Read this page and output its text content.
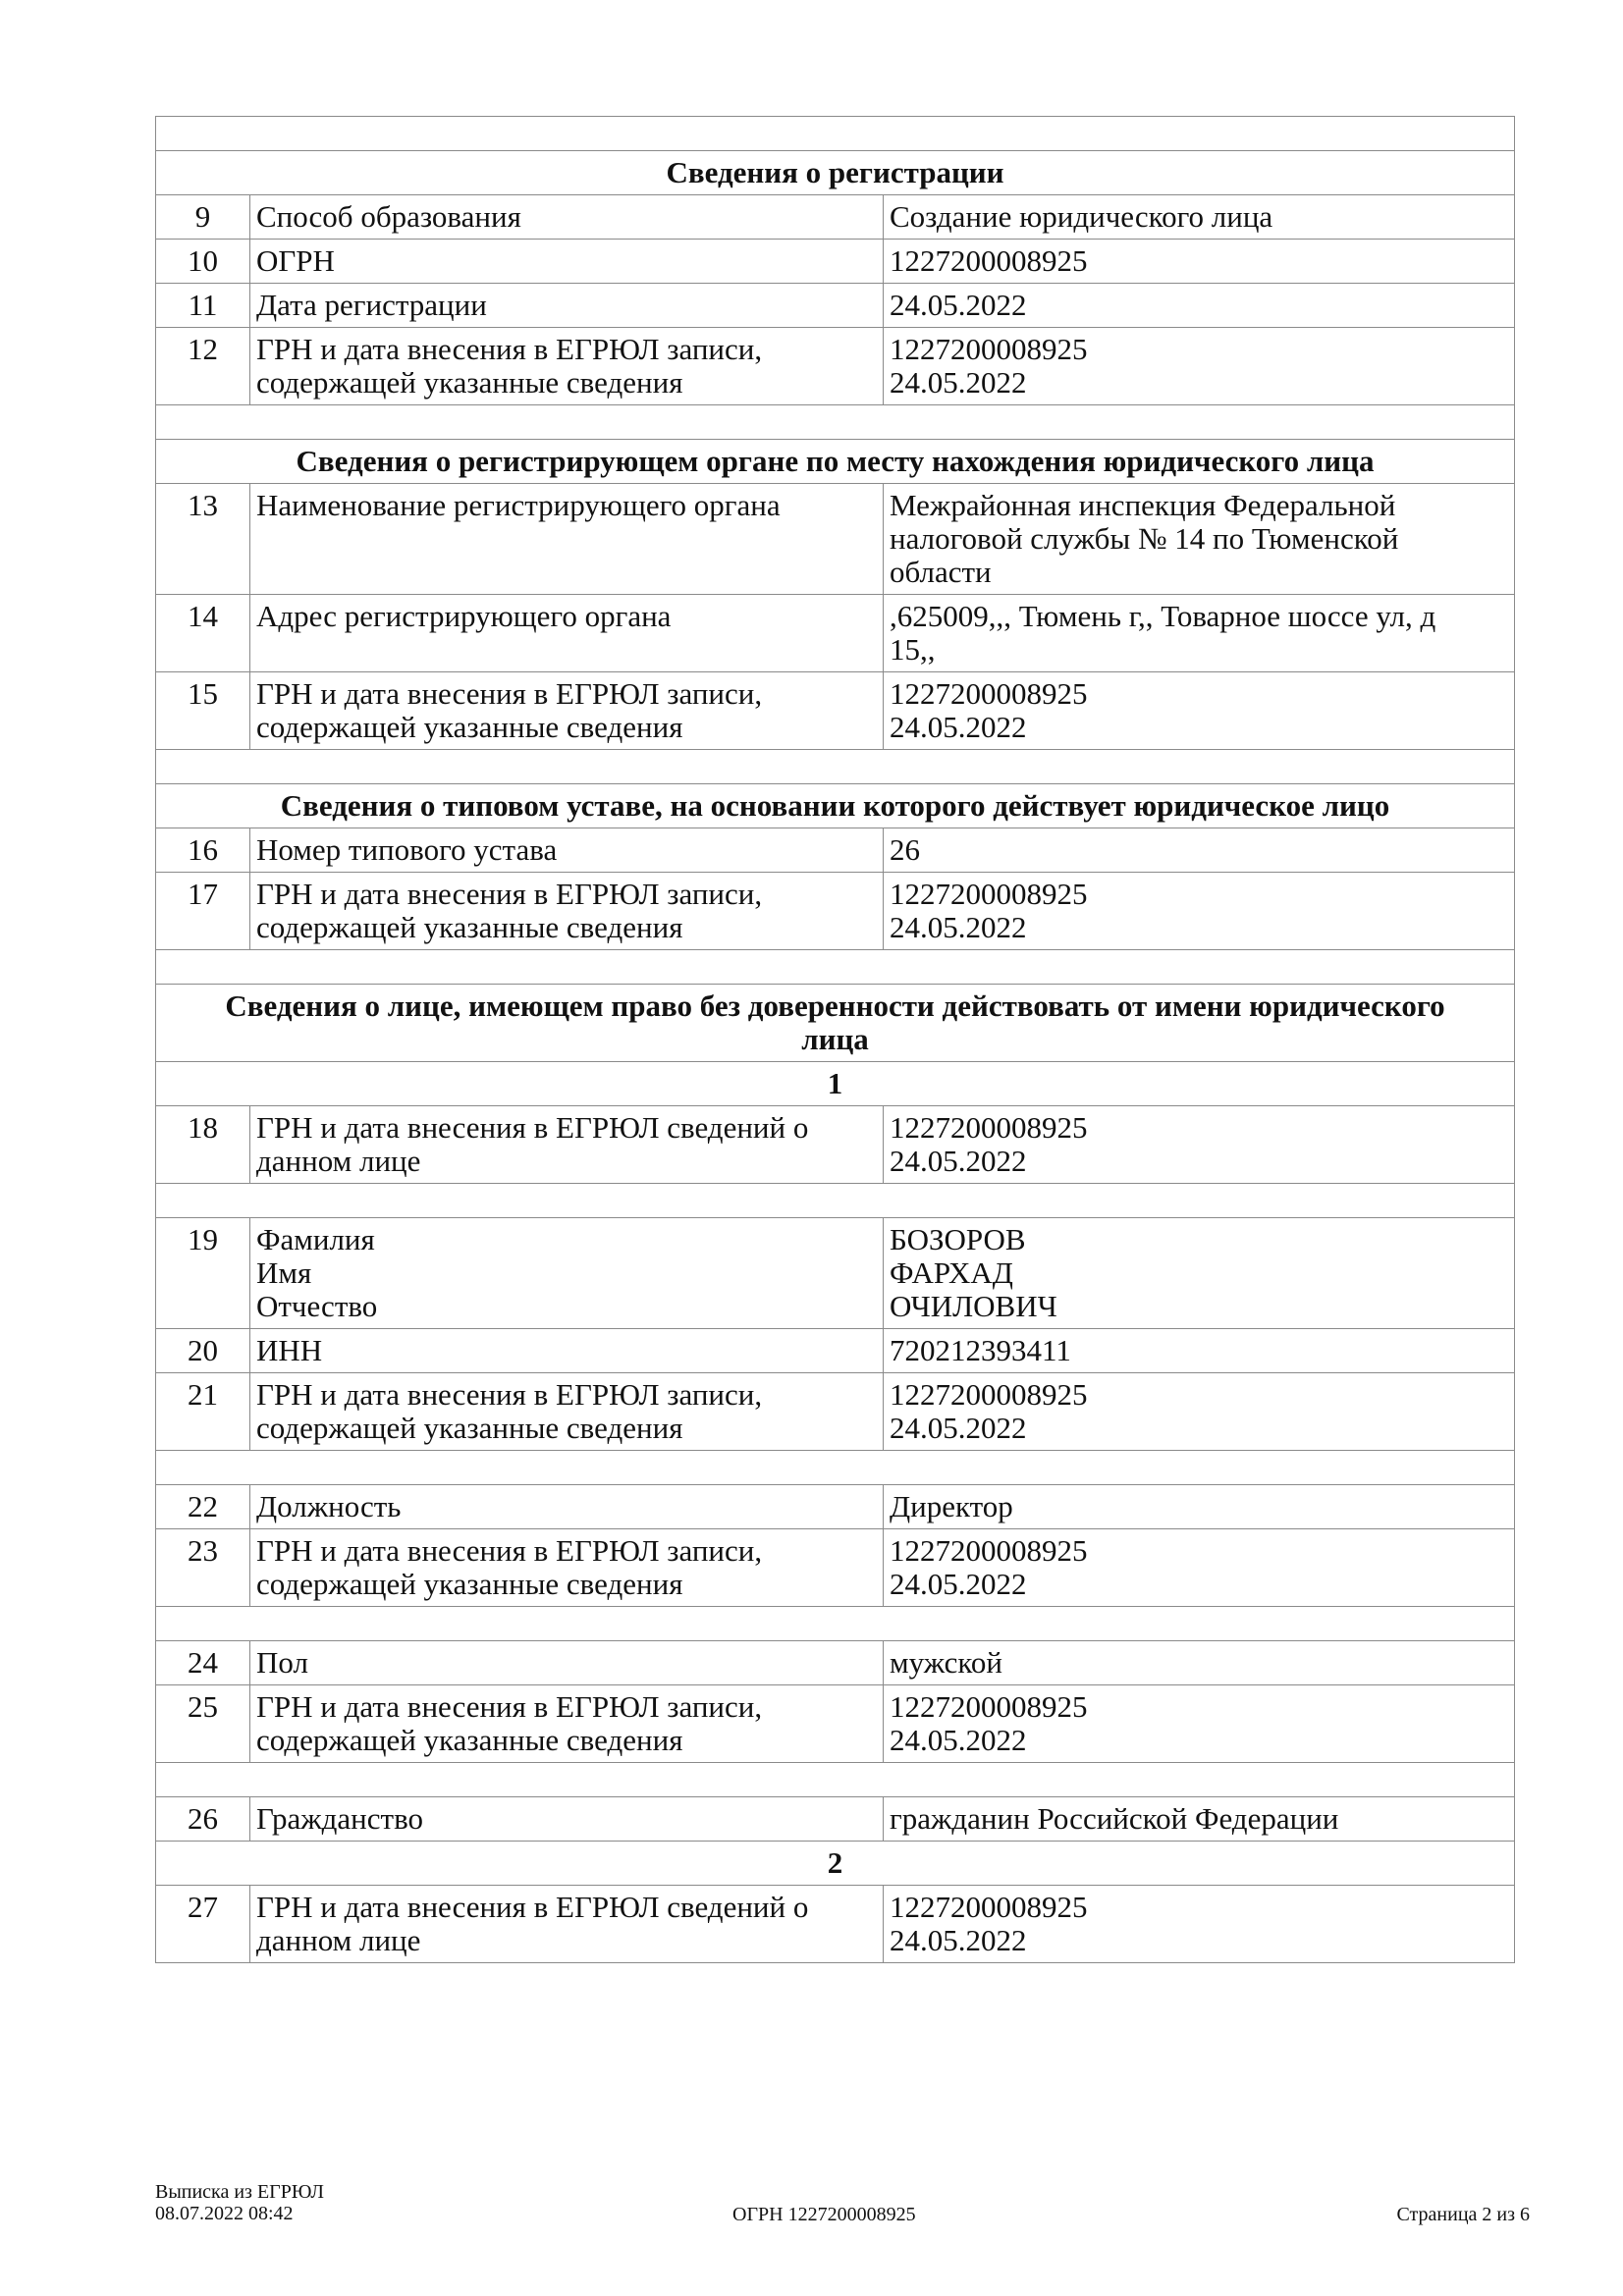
Сведения о регистрации		
9	Способ образования	Создание юридического лица
10	ОГРН	1227200008925
11	Дата регистрации	24.05.2022
12	ГРН и дата внесения в ЕГРЮЛ записи,
содержащей указанные сведения	1227200008925
24.05.2022

Сведения о регистрирующем органе по месту нахождения юридического лица		
13	Наименование регистрирующего органа	Межрайонная инспекция Федеральной
налоговой службы № 14 по Тюменской
области
14	Адрес регистрирующего органа	,625009,,, Тюмень г,, Товарное шоссе ул, д
15,,
15	ГРН и дата внесения в ЕГРЮЛ записи,
содержащей указанные сведения	1227200008925
24.05.2022

Сведения о типовом уставе, на основании которого действует юридическое лицо		
16	Номер типового устава	26
17	ГРН и дата внесения в ЕГРЮЛ записи,
содержащей указанные сведения	1227200008925
24.05.2022

Сведения о лице, имеющем право без доверенности действовать от имени юридического
лица		
1		
18	ГРН и дата внесения в ЕГРЮЛ сведений о
данном лице	1227200008925
24.05.2022

19	Фамилия
Имя
Отчество	БОЗОРОВ
ФАРХАД
ОЧИЛОВИЧ
20	ИНН	720212393411
21	ГРН и дата внесения в ЕГРЮЛ записи,
содержащей указанные сведения	1227200008925
24.05.2022

22	Должность	Директор
23	ГРН и дата внесения в ЕГРЮЛ записи,
содержащей указанные сведения	1227200008925
24.05.2022

24	Пол	мужской
25	ГРН и дата внесения в ЕГРЮЛ записи,
содержащей указанные сведения	1227200008925
24.05.2022

26	Гражданство	гражданин Российской Федерации
2		
27	ГРН и дата внесения в ЕГРЮЛ сведений о
данном лице	1227200008925
24.05.2022
Выписка из ЕГРЮЛ
08.07.2022 08:42	ОГРН 1227200008925	Страница 2 из 6
